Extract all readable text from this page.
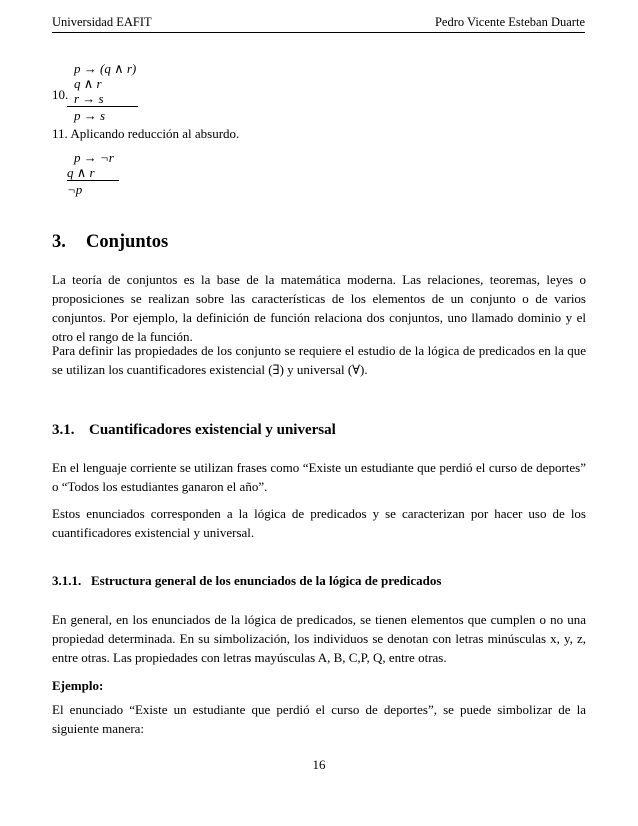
Universidad EAFIT	Pedro Vicente Esteban Duarte
10.
p → (q ∧ r)
q ∧ r
r → s
p → s
11. Aplicando reducción al absurdo.
p → ¬r
q ∧ r
¬p
3. Conjuntos

La teoría de conjuntos es la base de la matemática moderna. Las relaciones, teoremas, leyes o proposiciones se realizan sobre las características de los elementos de un conjunto o de varios conjuntos. Por ejemplo, la definición de función relaciona dos conjuntos, uno llamado dominio y el otro el rango de la función.

Para definir las propiedades de los conjunto se requiere el estudio de la lógica de predicados en la que se utilizan los cuantificadores existencial (∃) y universal (∀).

3.1. Cuantificadores existencial y universal

En el lenguaje corriente se utilizan frases como “Existe un estudiante que perdió el curso de deportes” o “Todos los estudiantes ganaron el año”.

Estos enunciados corresponden a la lógica de predicados y se caracterizan por hacer uso de los cuantificadores existencial y universal.

3.1.1. Estructura general de los enunciados de la lógica de predicados

En general, en los enunciados de la lógica de predicados, se tienen elementos que cumplen o no una propiedad determinada. En su simbolización, los individuos se denotan con letras minúsculas x, y, z, entre otras. Las propiedades con letras mayúsculas A, B, C,P, Q, entre otras.

Ejemplo:

El enunciado “Existe un estudiante que perdió el curso de deportes”, se puede simbolizar de la siguiente manera:

16
